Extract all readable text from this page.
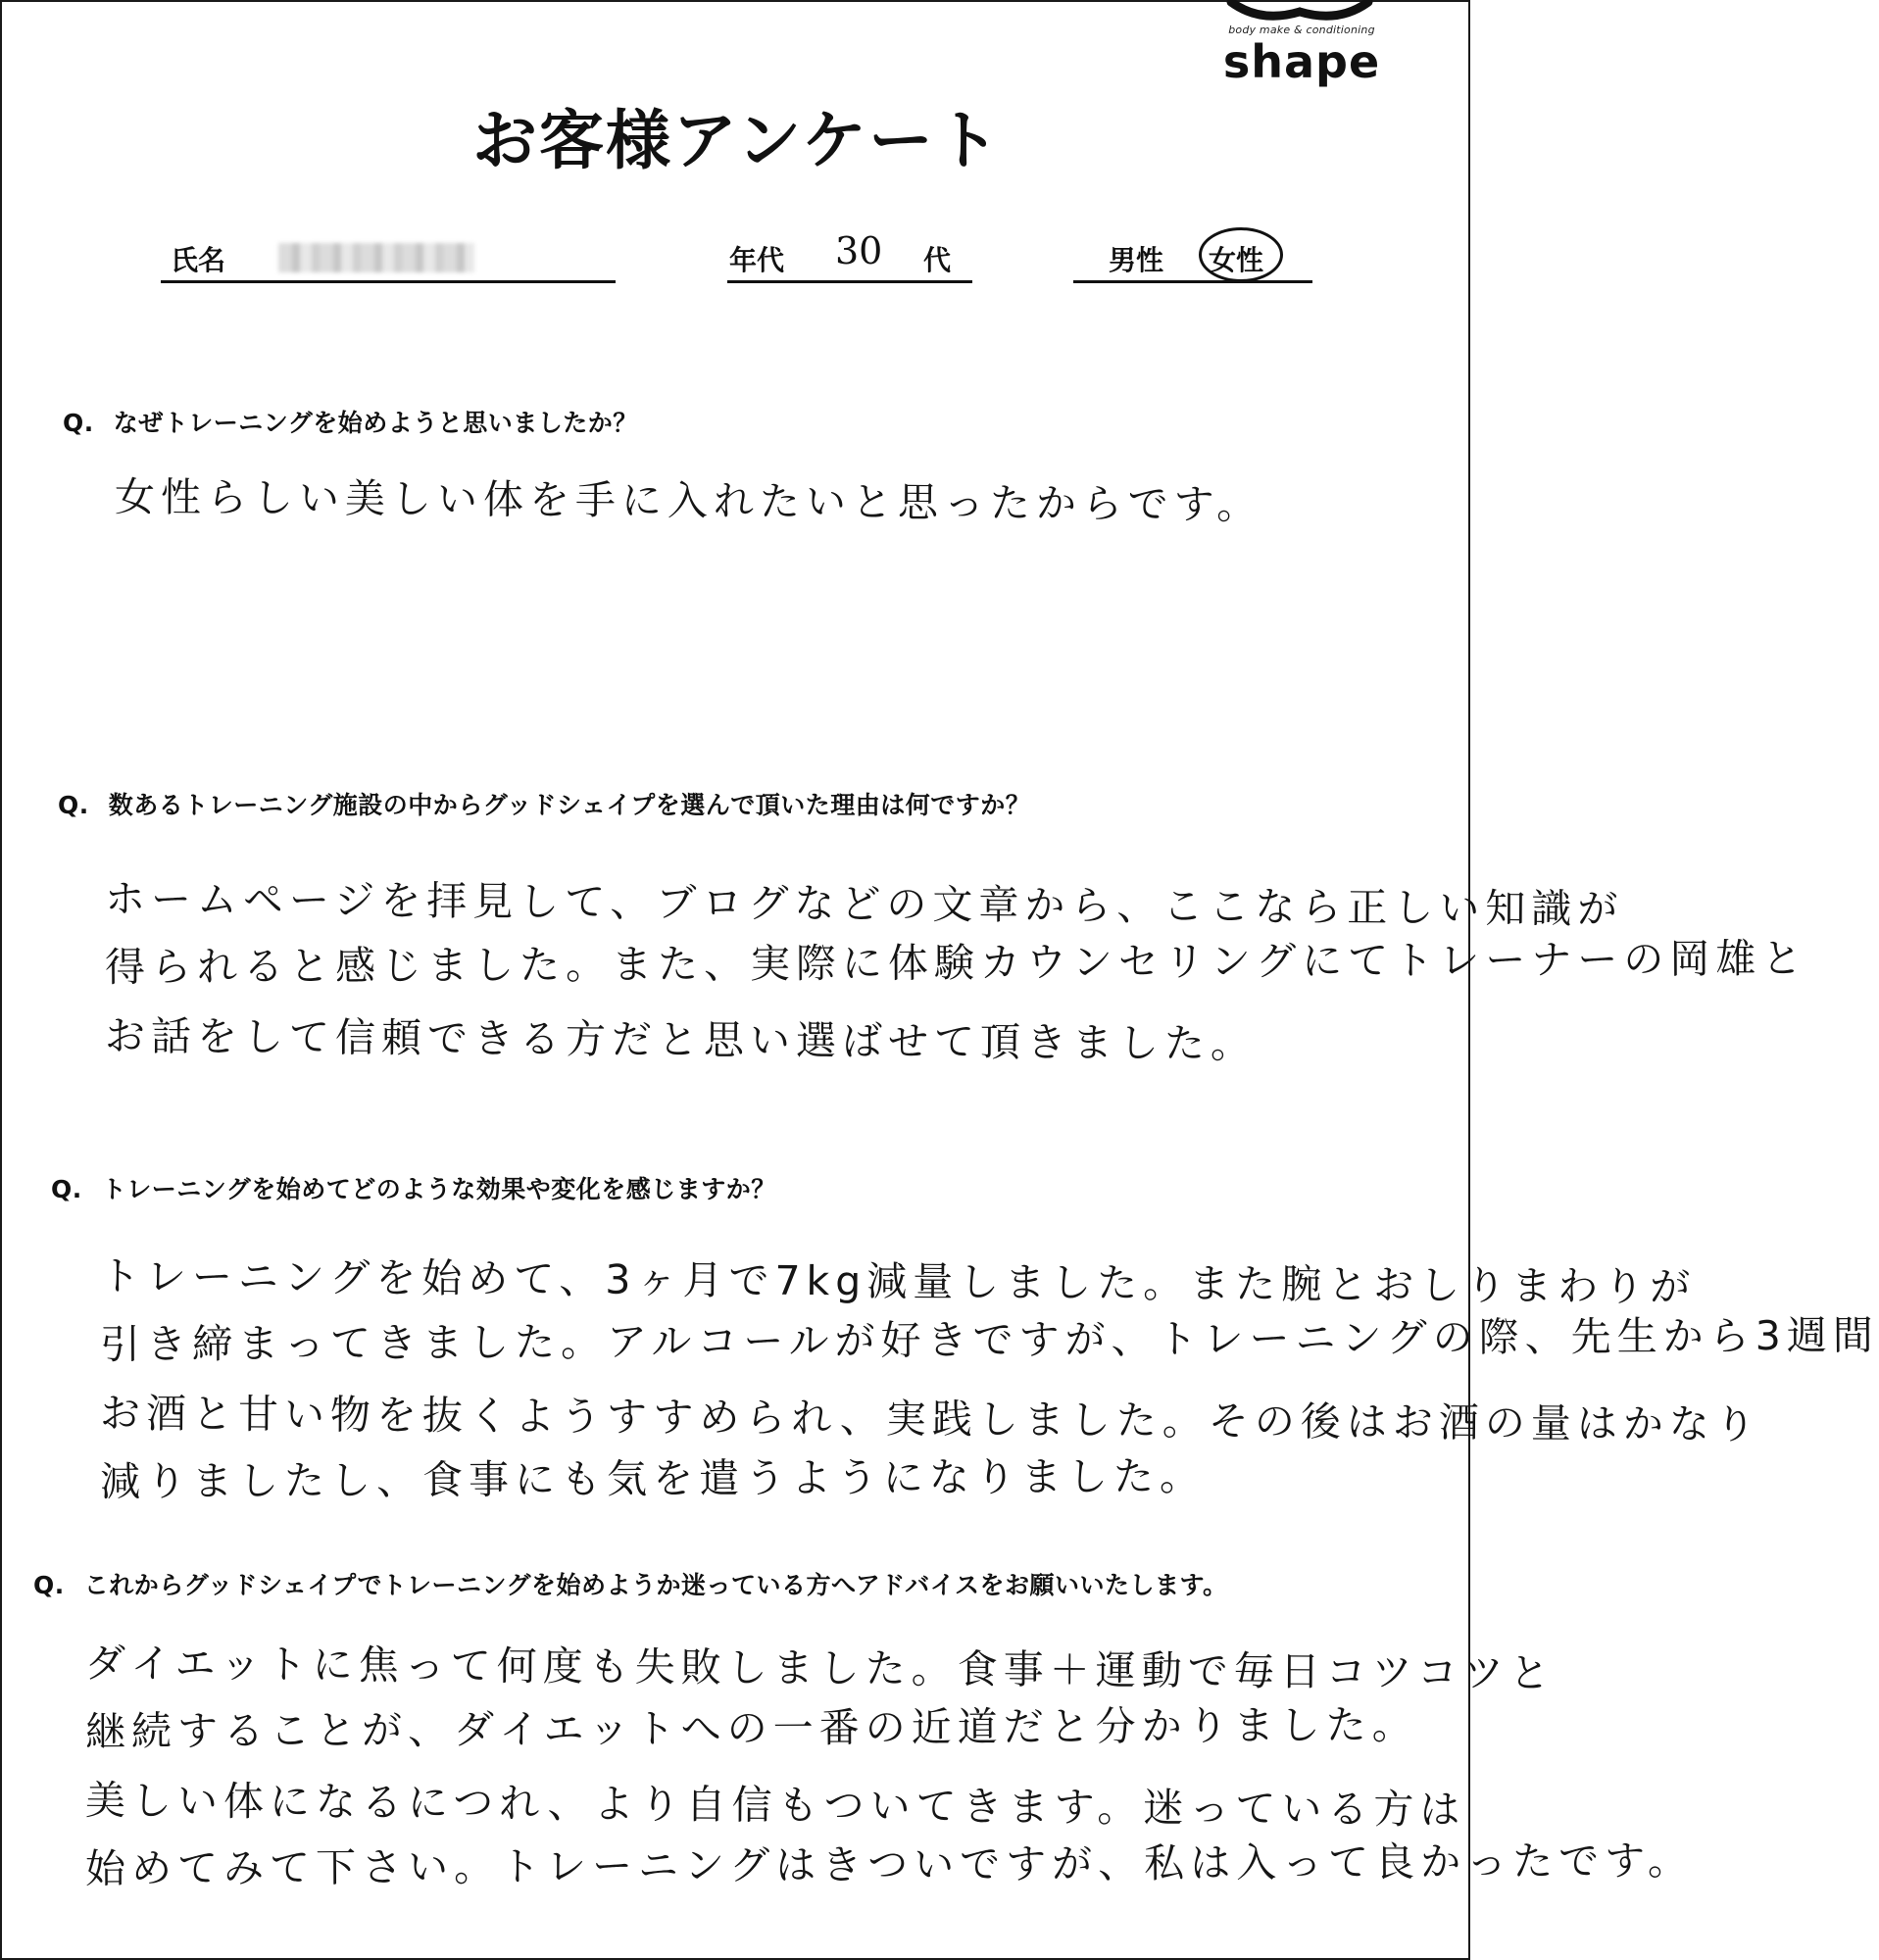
body make & conditioning
shape
お客様アンケート
氏名	年代 30 代	男性 女性
Q. なぜトレーニングを始めようと思いましたか？
女性らしい美しい体を手に入れたいと思ったからです。
Q. 数あるトレーニング施設の中からグッドシェイプを選んで頂いた理由は何ですか？
ホームページを拝見して、ブログなどの文章から、ここなら正しい知識が
得られると感じました。また、実際に体験カウンセリングにてトレーナーの岡雄と
お話をして信頼できる方だと思い選ばせて頂きました。
Q. トレーニングを始めてどのような効果や変化を感じますか？
トレーニングを始めて、3ヶ月で7kg減量しました。また腕とおしりまわりが
引き締まってきました。アルコールが好きですが、トレーニングの際、先生から3週間
お酒と甘い物を抜くようすすめられ、実践しました。その後はお酒の量はかなり
減りましたし、食事にも気を遣うようになりました。
Q. これからグッドシェイプでトレーニングを始めようか迷っている方へアドバイスをお願いいたします。
ダイエットに焦って何度も失敗しました。食事＋運動で毎日コツコツと
継続することが、ダイエットへの一番の近道だと分かりました。
美しい体になるにつれ、より自信もついてきます。迷っている方は
始めてみて下さい。トレーニングはきついですが、私は入って良かったです。
